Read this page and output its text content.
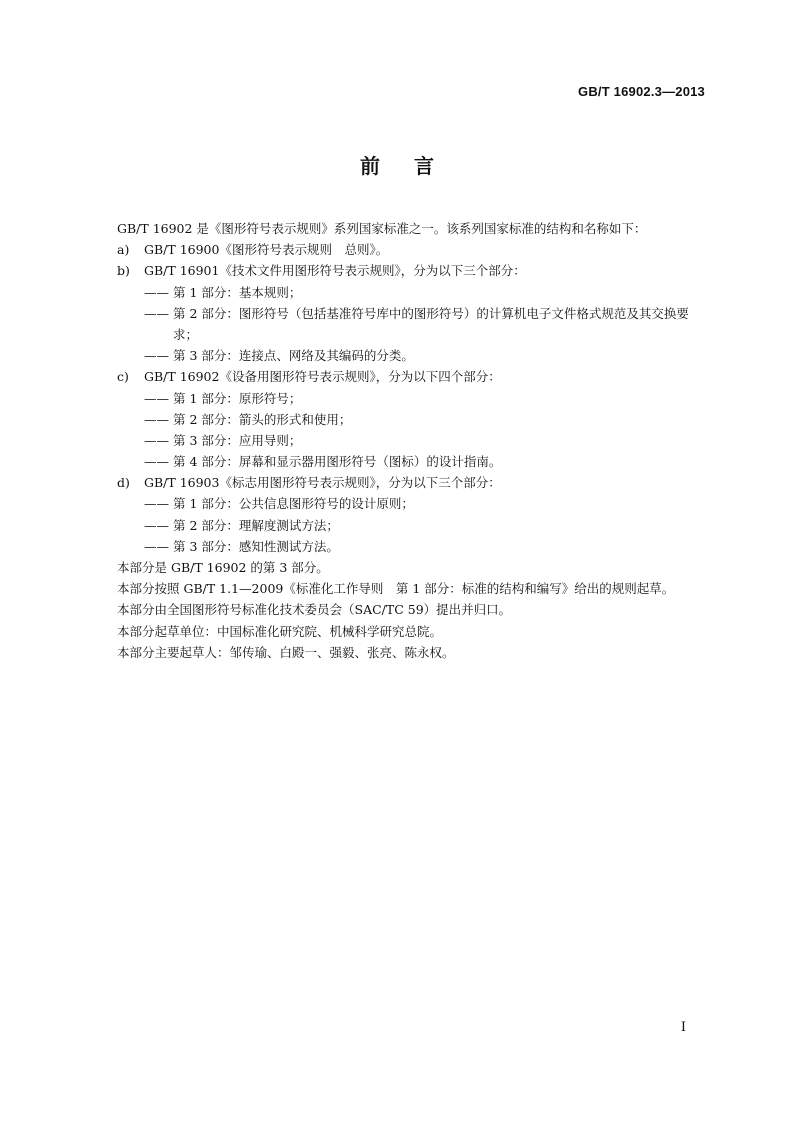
GB/T 16902.3—2013
前言
GB/T 16902 是《图形符号表示规则》系列国家标准之一。该系列国家标准的结构和名称如下：
a)	GB/T 16900《图形符号表示规则　总则》。
b)	GB/T 16901《技术文件用图形符号表示规则》，分为以下三个部分：
—— 第 1 部分：基本规则；
—— 第 2 部分：图形符号（包括基准符号库中的图形符号）的计算机电子文件格式规范及其交换要求；
—— 第 3 部分：连接点、网络及其编码的分类。
c)	GB/T 16902《设备用图形符号表示规则》，分为以下四个部分：
—— 第 1 部分：原形符号；
—— 第 2 部分：箭头的形式和使用；
—— 第 3 部分：应用导则；
—— 第 4 部分：屏幕和显示器用图形符号（图标）的设计指南。
d)	GB/T 16903《标志用图形符号表示规则》，分为以下三个部分：
—— 第 1 部分：公共信息图形符号的设计原则；
—— 第 2 部分：理解度测试方法；
—— 第 3 部分：感知性测试方法。
本部分是 GB/T 16902 的第 3 部分。
本部分按照 GB/T 1.1—2009《标准化工作导则　第 1 部分：标准的结构和编写》给出的规则起草。
本部分由全国图形符号标准化技术委员会（SAC/TC 59）提出并归口。
本部分起草单位：中国标准化研究院、机械科学研究总院。
本部分主要起草人：邹传瑜、白殿一、强毅、张亮、陈永权。
I
